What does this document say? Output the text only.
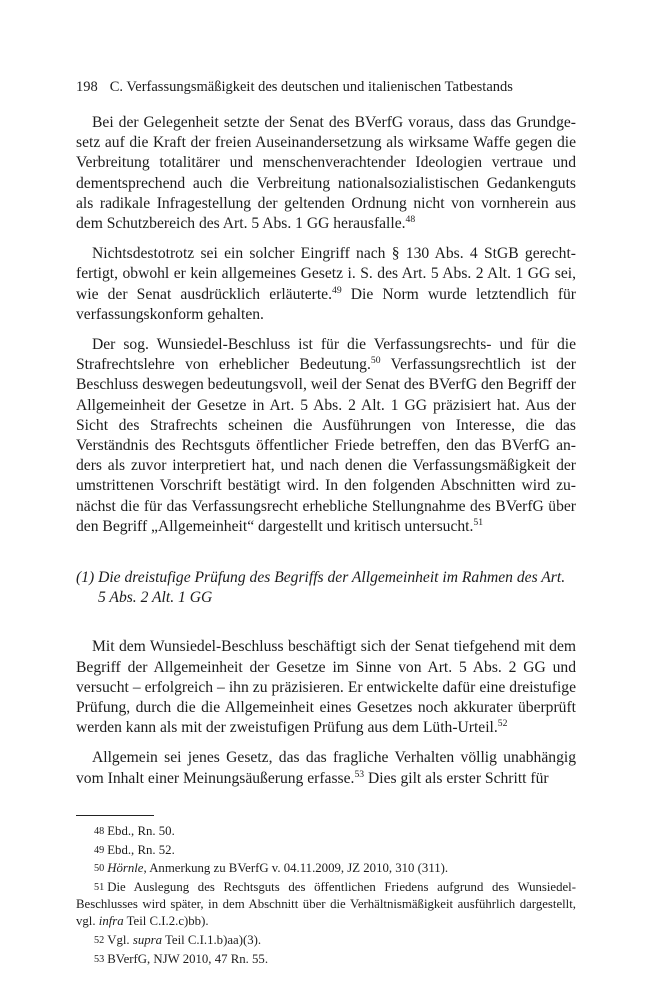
198 C. Verfassungsmäßigkeit des deutschen und italienischen Tatbestands

Bei der Gelegenheit setzte der Senat des BVerfG voraus, dass das Grundgesetz auf die Kraft der freien Auseinandersetzung als wirksame Waffe gegen die Verbreitung totalitärer und menschenverachtender Ideologien vertraue und dementsprechend auch die Verbreitung nationalsozialistischen Gedankenguts als radikale Infragestellung der geltenden Ordnung nicht von vornherein aus dem Schutzbereich des Art. 5 Abs. 1 GG herausfalle.$^{48}$

Nichtsdestotrotz sei ein solcher Eingriff nach § 130 Abs. 4 StGB gerechtfertigt, obwohl er kein allgemeines Gesetz i. S. des Art. 5 Abs. 2 Alt. 1 GG sei, wie der Senat ausdrücklich erläuterte.$^{49}$ Die Norm wurde letztendlich für verfassungskonform gehalten.

Der sog. Wunsiedel-Beschluss ist für die Verfassungsrechts- und für die Strafrechtslehre von erheblicher Bedeutung.$^{50}$ Verfassungsrechtlich ist der Beschluss deswegen bedeutungsvoll, weil der Senat des BVerfG den Begriff der Allgemeinheit der Gesetze in Art. 5 Abs. 2 Alt. 1 GG präzisiert hat. Aus der Sicht des Strafrechts scheinen die Ausführungen von Interesse, die das Verständnis des Rechtsguts öffentlicher Friede betreffen, den das BVerfG anders als zuvor interpretiert hat, und nach denen die Verfassungsmäßigkeit der umstrittenen Vorschrift bestätigt wird. In den folgenden Abschnitten wird zunächst die für das Verfassungsrecht erhebliche Stellungnahme des BVerfG über den Begriff „Allgemeinheit“ dargestellt und kritisch untersucht.$^{51}$

(1) Die dreistufige Prüfung des Begriffs der Allgemeinheit im Rahmen des Art. 5 Abs. 2 Alt. 1 GG

Mit dem Wunsiedel-Beschluss beschäftigt sich der Senat tiefgehend mit dem Begriff der Allgemeinheit der Gesetze im Sinne von Art. 5 Abs. 2 GG und versucht – erfolgreich – ihn zu präzisieren. Er entwickelte dafür eine dreistufige Prüfung, durch die die Allgemeinheit eines Gesetzes noch akkurater überprüft werden kann als mit der zweistufigen Prüfung aus dem Lüth-Urteil.$^{52}$

Allgemein sei jenes Gesetz, das das fragliche Verhalten völlig unabhängig vom Inhalt einer Meinungsäußerung erfasse.$^{53}$ Dies gilt als erster Schritt für

48 Ebd., Rn. 50.
49 Ebd., Rn. 52.
50 Hörnle, Anmerkung zu BVerfG v. 04.11.2009, JZ 2010, 310 (311).
51 Die Auslegung des Rechtsguts des öffentlichen Friedens aufgrund des Wunsiedel-Beschlusses wird später, in dem Abschnitt über die Verhältnismäßigkeit ausführlich dargestellt, vgl. infra Teil C.I.2.c)bb).
52 Vgl. supra Teil C.I.1.b)aa)(3).
53 BVerfG, NJW 2010, 47 Rn. 55.
